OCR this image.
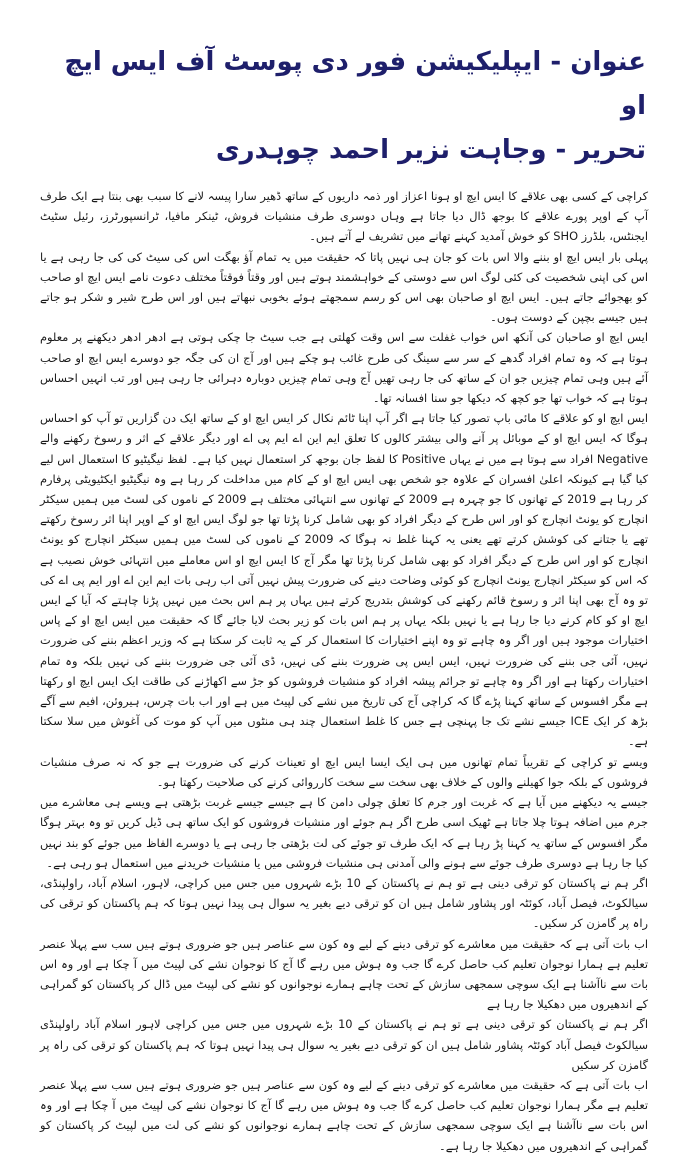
عنوان - ایپلیکیشن فور دی پوسٹ آف ایس ایچ او
تحریر - وجاہت نزیر احمد چوہدری

کراچی کے کسی بھی علاقے کا ایس ایچ او ہونا اعزاز اور ذمہ داریوں کے ساتھ ڈھیر سارا پیسہ لانے کا سبب بھی بنتا ہے ایک طرف آپ کے اوپر پورے علاقے کا بوجھ ڈال دیا جاتا ہے وہاں دوسری طرف منشیات فروش، ٹینکر مافیا، ٹرانسپورٹرز، رئیل سٹیٹ ایجنٹس، بلڈرز SHO کو خوش آمدید کہنے تھانے میں تشریف لے آتے ہیں۔

پہلی بار ایس ایچ او بننے والا اس بات کو جان ہی نہیں پاتا کہ حقیقت میں یہ تمام آؤ بھگت اس کی سیٹ کی کی جا رہی ہے یا اس کی اپنی شخصیت کی کئی لوگ اس سے دوستی کے خواہشمند ہوتے ہیں اور وقتاً فوقتاً مختلف دعوت نامے ایس ایچ او صاحب کو بھجوائے جاتے ہیں۔ ایس ایچ او صاحبان بھی اس کو رسم سمجھتے ہوئے بخوبی نبھاتے ہیں اور اس طرح شیر و شکر ہو جاتے ہیں جیسے بچپن کے دوست ہوں۔

ایس ایچ او صاحبان کی آنکھ اس خواب غفلت سے اس وقت کھلتی ہے جب سیٹ جا چکی ہوتی ہے ادھر ادھر دیکھنے پر معلوم ہوتا ہے کہ وہ تمام افراد گدھے کے سر سے سینگ کی طرح غائب ہو چکے ہیں اور آج ان کی جگہ جو دوسرے ایس ایچ او صاحب آئے ہیں وہی تمام چیزیں جو ان کے ساتھ کی جا رہی تھیں آج وہی تمام چیزیں دوبارہ دہرائی جا رہی ہیں اور تب انہیں احساس ہوتا ہے کہ خواب تھا جو کچھ کہ دیکھا جو سنا افسانہ تھا۔

ایس ایچ او کو علاقے کا مائی باپ تصور کیا جاتا ہے اگر آپ اپنا ٹائم نکال کر ایس ایچ او کے ساتھ ایک دن گزاریں تو آپ کو احساس ہوگا کہ ایس ایچ او کے موبائل پر آنے والی بیشتر کالوں کا تعلق ایم این اے ایم پی اے اور دیگر علاقے کے اثر و رسوخ رکھنے والے Negative افراد سے ہوتا ہے میں نے یہاں Positive کا لفظ جان بوجھ کر استعمال نہیں کیا ہے۔ لفظ نیگیٹیو کا استعمال اس لیے کیا گیا ہے کیونکہ اعلیٰ افسران کے علاوہ جو شخص بھی ایس ایچ او کے کام میں مداخلت کر رہا ہے وہ نیگیٹیو ایکٹیویٹی پرفارم کر رہا ہے 2019 کے تھانوں کا جو چہرہ ہے 2009 کے تھانوں سے انتہائی مختلف ہے 2009 کے ناموں کی لسٹ میں ہمیں سیکٹر انچارج کو یونٹ انچارج کو اور اس طرح کے دیگر افراد کو بھی شامل کرنا پڑتا تھا جو لوگ ایس ایچ او کے اوپر اپنا اثر رسوخ رکھتے تھے یا جتانے کی کوشش کرتے تھے یعنی یہ کہنا غلط نہ ہوگا کہ 2009 کے ناموں کی لسٹ میں ہمیں سیکٹر انچارج کو یونٹ انچارج کو اور اس طرح کے دیگر افراد کو بھی شامل کرنا پڑتا تھا مگر آج کا ایس ایچ او اس معاملے میں انتہائی خوش نصیب ہے کہ اس کو سیکٹر انچارج یونٹ انچارج کو کوئی وضاحت دینے کی ضرورت پیش نہیں آتی اب رہی بات ایم این اے اور ایم پی اے کی تو وہ آج بھی اپنا اثر و رسوخ قائم رکھنے کی کوشش بتدریج کرتے ہیں یہاں پر ہم اس بحث میں نہیں پڑنا چاہتے کہ آیا کے ایس ایچ او کو کام کرنے دیا جا رہا ہے یا نہیں بلکہ یہاں پر ہم اس بات کو زیر بحث لایا جائے گا کہ حقیقت میں ایس ایچ او کے پاس اختیارات موجود ہیں اور اگر وہ چاہے تو وہ اپنے اختیارات کا استعمال کر کے یہ ثابت کر سکتا ہے کہ وزیر اعظم بننے کی ضرورت نہیں، آئی جی بننے کی ضرورت نہیں، ایس ایس پی ضرورت بننے کی نہیں، ڈی آئی جی ضرورت بننے کی نہیں بلکہ وہ تمام اختیارات رکھتا ہے اور اگر وہ چاہے تو جرائم پیشہ افراد کو منشیات فروشوں کو جڑ سے اکھاڑنے کی طاقت ایک ایس ایچ او رکھتا ہے مگر افسوس کے ساتھ کہنا پڑے گا کہ کراچی آج کی تاریخ میں نشے کی لپیٹ میں ہے اور اب بات چرس، ہیروئن، افیم سے آگے بڑھ کر ایک ICE جیسے نشے تک جا پہنچی ہے جس کا غلط استعمال چند ہی منٹوں میں آپ کو موت کی آغوش میں سلا سکتا ہے۔

ویسے تو کراچی کے تقریباً تمام تھانوں میں ہی ایک ایسا ایس ایچ او تعینات کرنے کی ضرورت ہے جو کہ نہ صرف منشیات فروشوں کے بلکہ جوا کھیلنے والوں کے خلاف بھی سخت سے سخت کارروائی کرنے کی صلاحیت رکھتا ہو۔

جیسے یہ دیکھنے میں آیا ہے کہ غربت اور جرم کا تعلق چولی دامن کا ہے جیسے جیسے غربت بڑھتی ہے ویسے ہی معاشرے میں جرم میں اضافہ ہوتا چلا جاتا ہے ٹھیک اسی طرح اگر ہم جوئے اور منشیات فروشوں کو ایک ساتھ ہی ڈیل کریں تو وہ بہتر ہوگا مگر افسوس کے ساتھ یہ کہنا پڑ رہا ہے کہ ایک طرف تو جوئے کی لت بڑھتی جا رہی ہے یا دوسرے الفاظ میں جوئے کو بند نہیں کیا جا رہا ہے دوسری طرف جوئے سے ہونے والی آمدنی ہی منشیات فروشی میں یا منشیات خریدنے میں استعمال ہو رہی ہے۔

اگر ہم نے پاکستان کو ترقی دینی ہے تو ہم نے پاکستان کے 10 بڑے شہروں میں جس میں کراچی، لاہور، اسلام آباد، راولپنڈی، سیالکوٹ، فیصل آباد، کوئٹہ اور پشاور شامل ہیں ان کو ترقی دیے بغیر یہ سوال ہی پیدا نہیں ہوتا کہ ہم پاکستان کو ترقی کی راہ پر گامزن کر سکیں۔

اب بات آتی ہے کہ حقیقت میں معاشرے کو ترقی دینے کے لیے وہ کون سے عناصر ہیں جو ضروری ہوتے ہیں سب سے پہلا عنصر تعلیم ہے ہمارا نوجوان تعلیم کب حاصل کرے گا جب وہ ہوش میں رہے گا آج کا نوجوان نشے کی لپیٹ میں آ چکا ہے اور وہ اس بات سے ناآشنا ہے ایک سوچی سمجھی سازش کے تحت چاہے ہمارے نوجوانوں کو نشے کی لپیٹ میں ڈال کر پاکستان کو گمراہی کے اندھیروں میں دھکیلا جا رہا ہے

اگر ہم نے پاکستان کو ترقی دینی ہے تو ہم نے پاکستان کے 10 بڑے شہروں میں جس میں کراچی لاہور اسلام آباد راولپنڈی سیالکوٹ فیصل آباد کوئٹہ پشاور شامل ہیں ان کو ترقی دیے بغیر یہ سوال ہی پیدا نہیں ہوتا کہ ہم پاکستان کو ترقی کی راہ پر گامزن کر سکیں

اب بات آتی ہے کہ حقیقت میں معاشرے کو ترقی دینے کے لیے وہ کون سے عناصر ہیں جو ضروری ہوتے ہیں سب سے پہلا عنصر تعلیم ہے مگر ہمارا نوجوان تعلیم کب حاصل کرے گا جب وہ ہوش میں رہے گا آج کا نوجوان نشے کی لپیٹ میں آ چکا ہے اور وہ اس بات سے ناآشنا ہے ایک سوچی سمجھی سازش کے تحت چاہے ہمارے نوجوانوں کو نشے کی لت میں لپیٹ کر پاکستان کو گمراہی کے اندھیروں میں دھکیلا جا رہا ہے۔
